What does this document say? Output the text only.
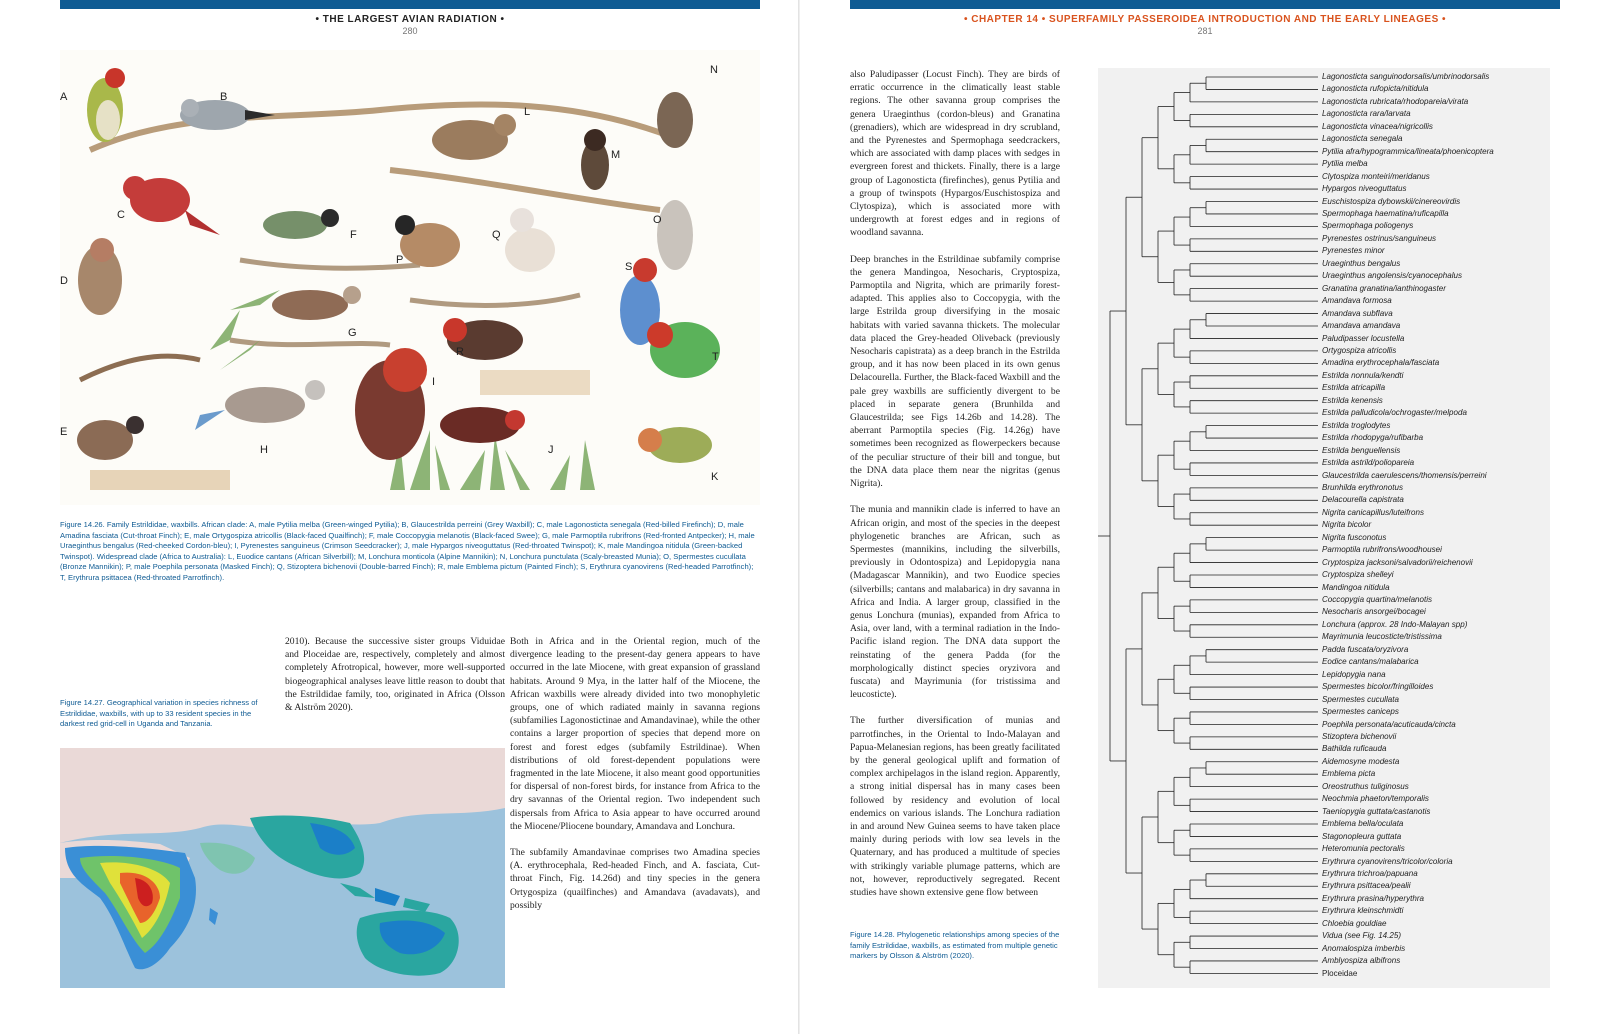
• THE LARGEST AVIAN RADIATION •
280
A	B
C
D
E
F
G
H
I
J
K
L
M
N
O
P
Q
R
S
T
Figure 14.26. Family Estrildidae, waxbills. African clade: A, male Pytilia melba (Green-winged Pytilia); B, Glaucestrilda perreini (Grey Waxbill); C, male Lagonosticta senegala (Red-billed Firefinch); D, male Amadina fasciata (Cut-throat Finch); E, male Ortygospiza atricollis (Black-faced Quailfinch); F, male Coccopygia melanotis (Black-faced Swee); G, male Parmoptila rubrifrons (Red-fronted Antpecker); H, male Uraeginthus bengalus (Red-cheeked Cordon-bleu); I, Pyrenestes sanguineus (Crimson Seedcracker); J, male Hypargos niveoguttatus (Red-throated Twinspot); K, male Mandingoa nitidula (Green-backed Twinspot). Widespread clade (Africa to Australia): L, Euodice cantans (African Silverbill); M, Lonchura monticola (Alpine Mannikin); N, Lonchura punctulata (Scaly-breasted Munia); O, Spermestes cucullata (Bronze Mannikin); P, male Poephila personata (Masked Finch); Q, Stizoptera bichenovii (Double-barred Finch); R, male Emblema pictum (Painted Finch); S, Erythrura cyanovirens (Red-headed Parrotfinch); T, Erythrura psittacea (Red-throated Parrotfinch).

2010). Because the successive sister groups Viduidae and Ploceidae are, respectively, completely and almost completely Afrotropical, however, more well-supported biogeographical analyses leave little reason to doubt that the Estrildidae family, too, originated in Africa (Olsson & Alström 2020).

Figure 14.27. Geographical variation in species richness of Estrildidae, waxbills, with up to 33 resident species in the darkest red grid-cell in Uganda and Tanzania.

Both in Africa and in the Oriental region, much of the divergence leading to the present-day genera appears to have occurred in the late Miocene, with great expansion of grassland habitats. Around 9 Mya, in the latter half of the Miocene, the African waxbills were already divided into two monophyletic groups, one of which radiated mainly in savanna regions (subfamilies Lagonostictinae and Amandavinae), while the other contains a larger proportion of species that depend more on forest and forest edges (subfamily Estrildinae). When distributions of old forest-dependent populations were fragmented in the late Miocene, it also meant good opportunities for dispersal of non-forest birds, for instance from Africa to the dry savannas of the Oriental region. Two independent such dispersals from Africa to Asia appear to have occurred around the Miocene/Pliocene boundary, Amandava and Lonchura.

The subfamily Amandavinae comprises two Amadina species (A. erythrocephala, Red-headed Finch, and A. fasciata, Cut-throat Finch, Fig. 14.26d) and tiny species in the genera Ortygospiza (quailfinches) and Amandava (avadavats), and possibly

• CHAPTER 14 • SUPERFAMILY PASSEROIDEA INTRODUCTION AND THE EARLY LINEAGES •
281

also Paludipasser (Locust Finch). They are birds of erratic occurrence in the climatically least stable regions. The other savanna group comprises the genera Uraeginthus (cordon-bleus) and Granatina (grenadiers), which are widespread in dry scrubland, and the Pyrenestes and Spermophaga seedcrackers, which are associated with damp places with sedges in evergreen forest and thickets. Finally, there is a large group of Lagonosticta (firefinches), genus Pytilia and a group of twinspots (Hypargos/Euschistospiza and Clytospiza), which is associated more with undergrowth at forest edges and in regions of woodland savanna.

Deep branches in the Estrildinae subfamily comprise the genera Mandingoa, Nesocharis, Cryptospiza, Parmoptila and Nigrita, which are primarily forest-adapted. This applies also to Coccopygia, with the large Estrilda group diversifying in the mosaic habitats with varied savanna thickets. The molecular data placed the Grey-headed Oliveback (previously Nesocharis capistrata) as a deep branch in the Estrilda group, and it has now been placed in its own genus Delacourella. Further, the Black-faced Waxbill and the pale grey waxbills are sufficiently divergent to be placed in separate genera (Brunhilda and Glaucestrilda; see Figs 14.26b and 14.28). The aberrant Parmoptila species (Fig. 14.26g) have sometimes been recognized as flowerpeckers because of the peculiar structure of their bill and tongue, but the DNA data place them near the nigritas (genus Nigrita).

The munia and mannikin clade is inferred to have an African origin, and most of the species in the deepest phylogenetic branches are African, such as Spermestes (mannikins, including the silverbills, previously in Odontospiza) and Lepidopygia nana (Madagascar Mannikin), and two Euodice species (silverbills; cantans and malabarica) in dry savanna in Africa and India. A larger group, classified in the genus Lonchura (munias), expanded from Africa to Asia, over land, with a terminal radiation in the Indo-Pacific island region. The DNA data support the reinstating of the genera Padda (for the morphologically distinct species oryzivora and fuscata) and Mayrimunia (for tristissima and leucosticte).

The further diversification of munias and parrotfinches, in the Oriental to Indo-Malayan and Papua-Melanesian regions, has been greatly facilitated by the general geological uplift and formation of complex archipelagos in the island region. Apparently, a strong initial dispersal has in many cases been followed by residency and evolution of local endemics on various islands. The Lonchura radiation in and around New Guinea seems to have taken place mainly during periods with low sea levels in the Quaternary, and has produced a multitude of species with strikingly variable plumage patterns, which are not, however, reproductively segregated. Recent studies have shown extensive gene flow between

Figure 14.28. Phylogenetic relationships among species of the family Estrildidae, waxbills, as estimated from multiple genetic markers by Olsson & Alström (2020).
Lagonosticta sanguinodorsalis/umbrinodorsalis
Lagonosticta rufopicta/nitidula
Lagonosticta rubricata/rhodopareia/virata
Lagonosticta rara/larvata
Lagonosticta vinacea/nigricollis
Lagonosticta senegala
Pytilia afra/hypogrammica/lineata/phoenicoptera
Pytilia melba
Clytospiza monteiri/meridanus
Hypargos niveoguttatus
Euschistospiza dybowskii/cinereovirdis
Spermophaga haematina/ruficapilla
Spermophaga poliogenys
Pyrenestes ostrinus/sanguineus
Pyrenestes minor
Uraeginthus bengalus
Uraeginthus angolensis/cyanocephalus
Granatina granatina/ianthinogaster
Amandava formosa
Amandava subflava
Amandava amandava
Paludipasser locustella
Ortygospiza atricollis
Amadina erythrocephala/fasciata
Estrilda nonnula/kendti
Estrilda atricapilla
Estrilda kenensis
Estrilda palludicola/ochrogaster/melpoda
Estrilda troglodytes
Estrilda rhodopyga/rufibarba
Estrilda benguellensis
Estrilda astrild/poliopareia
Glaucestrilda caerulescens/thomensis/perreini
Brunhilda erythronotus
Delacourella capistrata
Nigrita canicapillus/luteifrons
Nigrita bicolor
Nigrita fusconotus
Parmoptila rubrifrons/woodhousei
Cryptospiza jacksoni/salvadorii/reichenovii
Cryptospiza shelleyi
Mandingoa nitidula
Coccopygia quartina/melanotis
Nesocharis ansorgei/bocagei
Lonchura (approx. 28 Indo-Malayan spp)
Mayrimunia leucosticte/tristissima
Padda fuscata/oryzivora
Eodice cantans/malabarica
Lepidopygia nana
Spermestes bicolor/fringilloides
Spermestes cucullata
Spermestes caniceps
Poephila personata/acuticauda/cincta
Stizoptera bichenovii
Bathilda ruficauda
Aidemosyne modesta
Emblema picta
Oreostruthus tuliginosus
Neochmia phaeton/temporalis
Taeniopygia guttata/castanotis
Emblema bella/oculata
Stagonopleura guttata
Heteromunia pectoralis
Erythrura cyanovirens/tricolor/coloria
Erythrura trichroa/papuana
Erythrura psittacea/pealii
Erythrura prasina/hyperythra
Erythrura kleinschmidti
Chloebia gouldiae
Vidua (see Fig. 14.25)
Anomalospiza imberbis
Amblyospiza albifrons
Ploceidae
